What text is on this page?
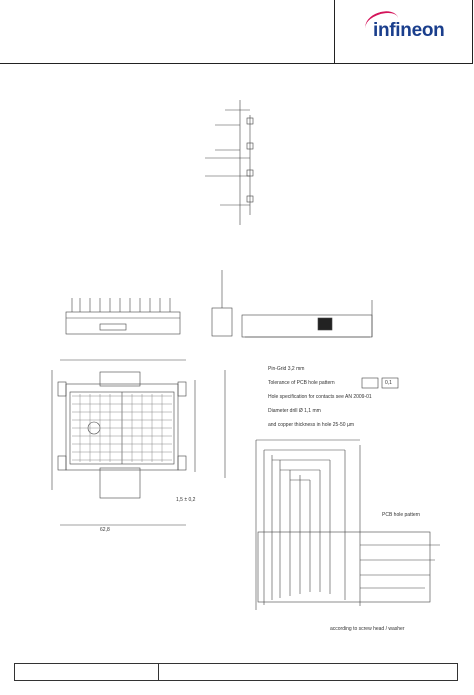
infineon
Pin-Grid 3,2 mm
Tolerance of PCB hole pattern	0,1
Hole specification for contacts see AN 2009-01
Diameter drill Ø 1,1 mm
and copper thickness in hole 25-50 µm
PCB hole pattern
according to screw head / washer
62,8
1,5 ± 0,2
